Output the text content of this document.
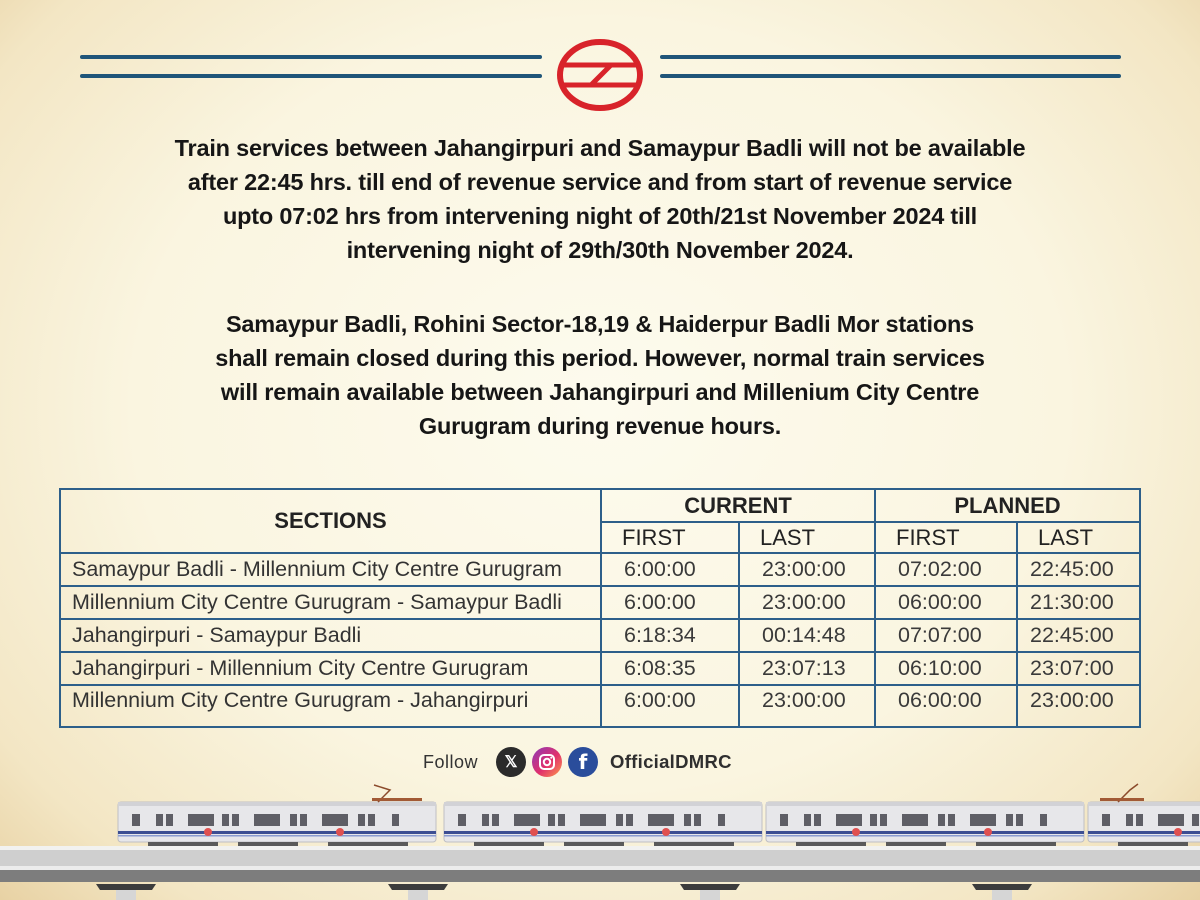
Train services between Jahangirpuri and Samaypur Badli will not be available
after 22:45 hrs. till end of revenue service and from start of revenue service
upto 07:02 hrs from intervening night of 20th/21st November 2024 till
intervening night of 29th/30th November 2024.
Samaypur Badli, Rohini Sector-18,19 & Haiderpur Badli Mor stations
shall remain closed during this period. However, normal train services
will remain available between Jahangirpuri and Millenium City Centre
Gurugram during revenue hours.
SECTIONS	CURRENT		PLANNED	
	FIRST	LAST	FIRST	LAST
Samaypur Badli - Millennium City Centre Gurugram	6:00:00	23:00:00	07:02:00	22:45:00
Millennium City Centre Gurugram - Samaypur Badli	6:00:00	23:00:00	06:00:00	21:30:00
Jahangirpuri - Samaypur Badli	6:18:34	00:14:48	07:07:00	22:45:00
Jahangirpuri - Millennium City Centre Gurugram	6:08:35	23:07:13	06:10:00	23:07:00
Millennium City Centre Gurugram - Jahangirpuri	6:00:00	23:00:00	06:00:00	23:00:00
Follow	𝕏	f	OfficialDMRC
